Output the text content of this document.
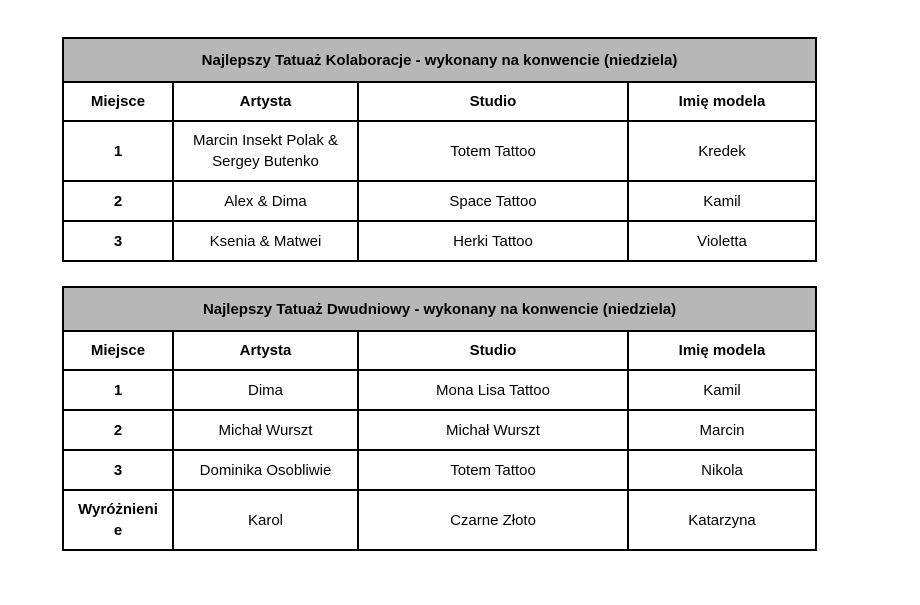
Najlepszy Tatuaż Kolaboracje - wykonany na konwencie (niedziela)			
Miejsce	Artysta	Studio	Imię modela
1	Marcin Insekt Polak & Sergey Butenko	Totem Tattoo	Kredek
2	Alex & Dima	Space Tattoo	Kamil
3	Ksenia & Matwei	Herki Tattoo	Violetta
Najlepszy Tatuaż Dwudniowy - wykonany na konwencie (niedziela)			
Miejsce	Artysta	Studio	Imię modela
1	Dima	Mona Lisa Tattoo	Kamil
2	Michał Wurszt	Michał Wurszt	Marcin
3	Dominika Osobliwie	Totem Tattoo	Nikola
Wyróżnienie	Karol	Czarne Złoto	Katarzyna
